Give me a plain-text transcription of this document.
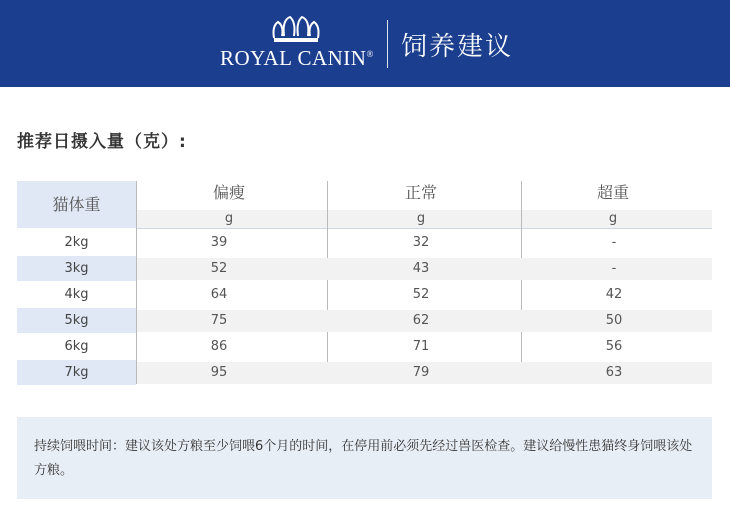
ROYAL CANIN® 饲养建议
推荐日摄入量（克）:
猫体重
偏瘦	正常	超重
g	g	g
2kg	39	32	-
3kg	52	43	-
4kg	64	52	42
5kg	75	62	50
6kg	86	71	56
7kg	95	79	63
持续饲喂时间：建议该处方粮至少饲喂6个月的时间，在停用前必须先经过兽医检查。建议给慢性患猫终身饲喂该处方粮。
